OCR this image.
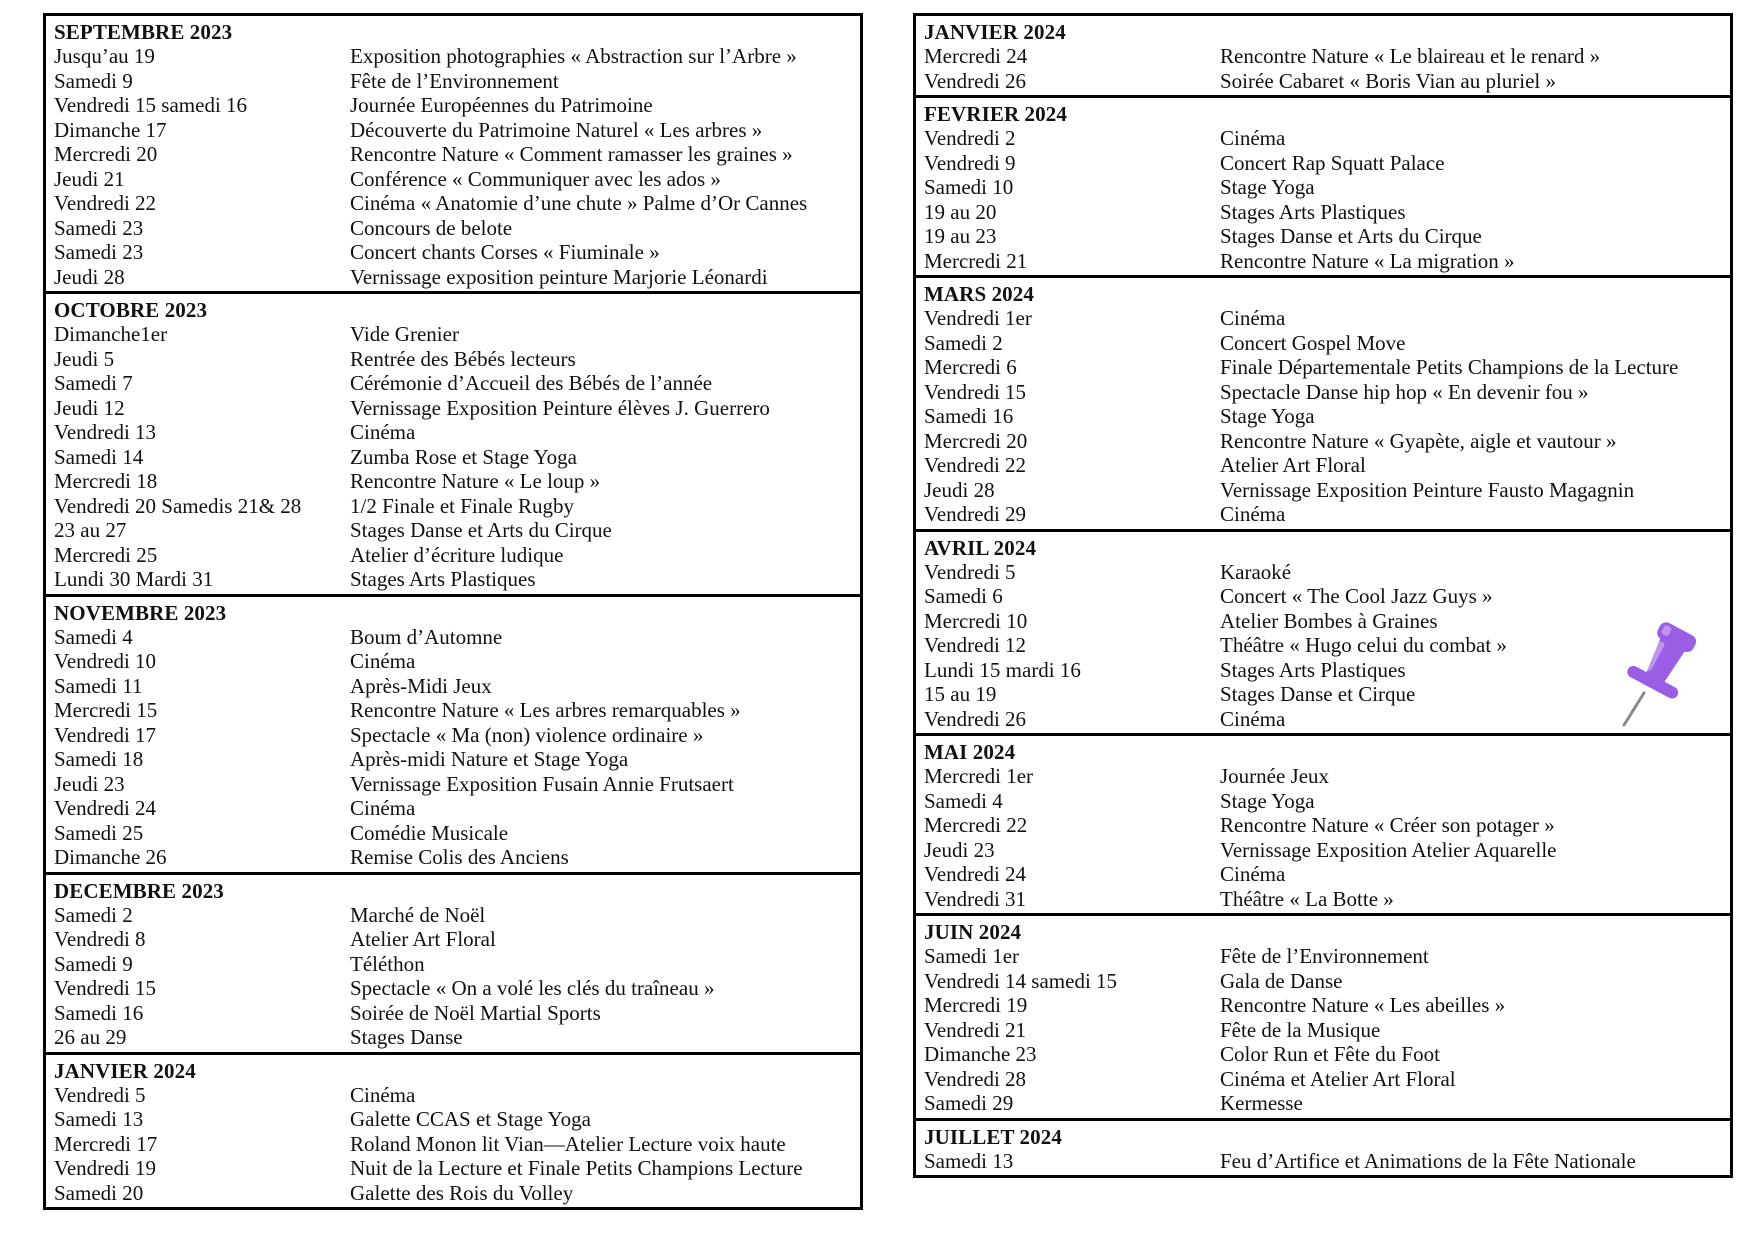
SEPTEMBRE 2023
Jusqu’au 19	Exposition photographies « Abstraction sur l’Arbre »
Samedi 9	Fête de l’Environnement
Vendredi 15 samedi 16	Journée Européennes du Patrimoine
Dimanche 17	Découverte du Patrimoine Naturel « Les arbres »
Mercredi 20	Rencontre Nature « Comment ramasser les graines »
Jeudi 21	Conférence « Communiquer avec les ados »
Vendredi 22	Cinéma « Anatomie d’une chute » Palme d’Or Cannes
Samedi 23	Concours de belote
Samedi 23	Concert chants Corses « Fiuminale »
Jeudi 28	Vernissage exposition peinture Marjorie Léonardi
OCTOBRE 2023
Dimanche1er	Vide Grenier
Jeudi 5	Rentrée des Bébés lecteurs
Samedi 7	Cérémonie d’Accueil des Bébés de l’année
Jeudi 12	Vernissage Exposition Peinture élèves J. Guerrero
Vendredi 13	Cinéma
Samedi 14	Zumba Rose et Stage Yoga
Mercredi 18	Rencontre Nature « Le loup »
Vendredi 20 Samedis 21& 28	1/2 Finale et Finale Rugby
23 au 27	Stages Danse et Arts du Cirque
Mercredi 25	Atelier d’écriture ludique
Lundi 30 Mardi 31	Stages Arts Plastiques
NOVEMBRE 2023
Samedi 4	Boum d’Automne
Vendredi 10	Cinéma
Samedi 11	Après-Midi Jeux
Mercredi 15	Rencontre Nature « Les arbres remarquables »
Vendredi 17	Spectacle « Ma (non) violence ordinaire »
Samedi 18	Après-midi Nature et Stage Yoga
Jeudi 23	Vernissage Exposition Fusain Annie Frutsaert
Vendredi 24	Cinéma
Samedi 25	Comédie Musicale
Dimanche 26	Remise Colis des Anciens
DECEMBRE 2023
Samedi 2	Marché de Noël
Vendredi 8	Atelier Art Floral
Samedi 9	Téléthon
Vendredi 15	Spectacle « On a volé les clés du traîneau »
Samedi 16	Soirée de Noël Martial Sports
26 au 29	Stages Danse
JANVIER 2024
Vendredi 5	Cinéma
Samedi 13	Galette CCAS et Stage Yoga
Mercredi 17	Roland Monon lit Vian—Atelier Lecture voix haute
Vendredi 19	Nuit de la Lecture et Finale Petits Champions Lecture
Samedi 20	Galette des Rois du Volley
JANVIER 2024
Mercredi 24	Rencontre Nature « Le blaireau et le renard »
Vendredi 26	Soirée Cabaret « Boris Vian au pluriel »
FEVRIER 2024
Vendredi 2	Cinéma
Vendredi 9	Concert Rap Squatt Palace
Samedi 10	Stage Yoga
19 au 20	Stages Arts Plastiques
19 au 23	Stages Danse et Arts du Cirque
Mercredi 21	Rencontre Nature « La migration »
MARS 2024
Vendredi 1er	Cinéma
Samedi 2	Concert Gospel Move
Mercredi 6	Finale Départementale Petits Champions de la Lecture
Vendredi 15	Spectacle Danse hip hop « En devenir fou »
Samedi 16	Stage Yoga
Mercredi 20	Rencontre Nature « Gyapète, aigle et vautour »
Vendredi 22	Atelier Art Floral
Jeudi 28	Vernissage Exposition Peinture Fausto Magagnin
Vendredi 29	Cinéma
AVRIL 2024
Vendredi 5	Karaoké
Samedi 6	Concert « The Cool Jazz Guys »
Mercredi 10	Atelier Bombes à Graines
Vendredi 12	Théâtre « Hugo celui du combat »
Lundi 15 mardi 16	Stages Arts Plastiques
15 au 19	Stages Danse et Cirque
Vendredi 26	Cinéma
MAI 2024
Mercredi 1er	Journée Jeux
Samedi 4	Stage Yoga
Mercredi 22	Rencontre Nature « Créer son potager »
Jeudi 23	Vernissage Exposition Atelier Aquarelle
Vendredi 24	Cinéma
Vendredi 31	Théâtre « La Botte »
JUIN 2024
Samedi 1er	Fête de l’Environnement
Vendredi 14 samedi 15	Gala de Danse
Mercredi 19	Rencontre Nature « Les abeilles »
Vendredi 21	Fête de la Musique
Dimanche 23	Color Run et Fête du Foot
Vendredi 28	Cinéma et Atelier Art Floral
Samedi 29	Kermesse
JUILLET 2024
Samedi 13	Feu d’Artifice et Animations de la Fête Nationale
